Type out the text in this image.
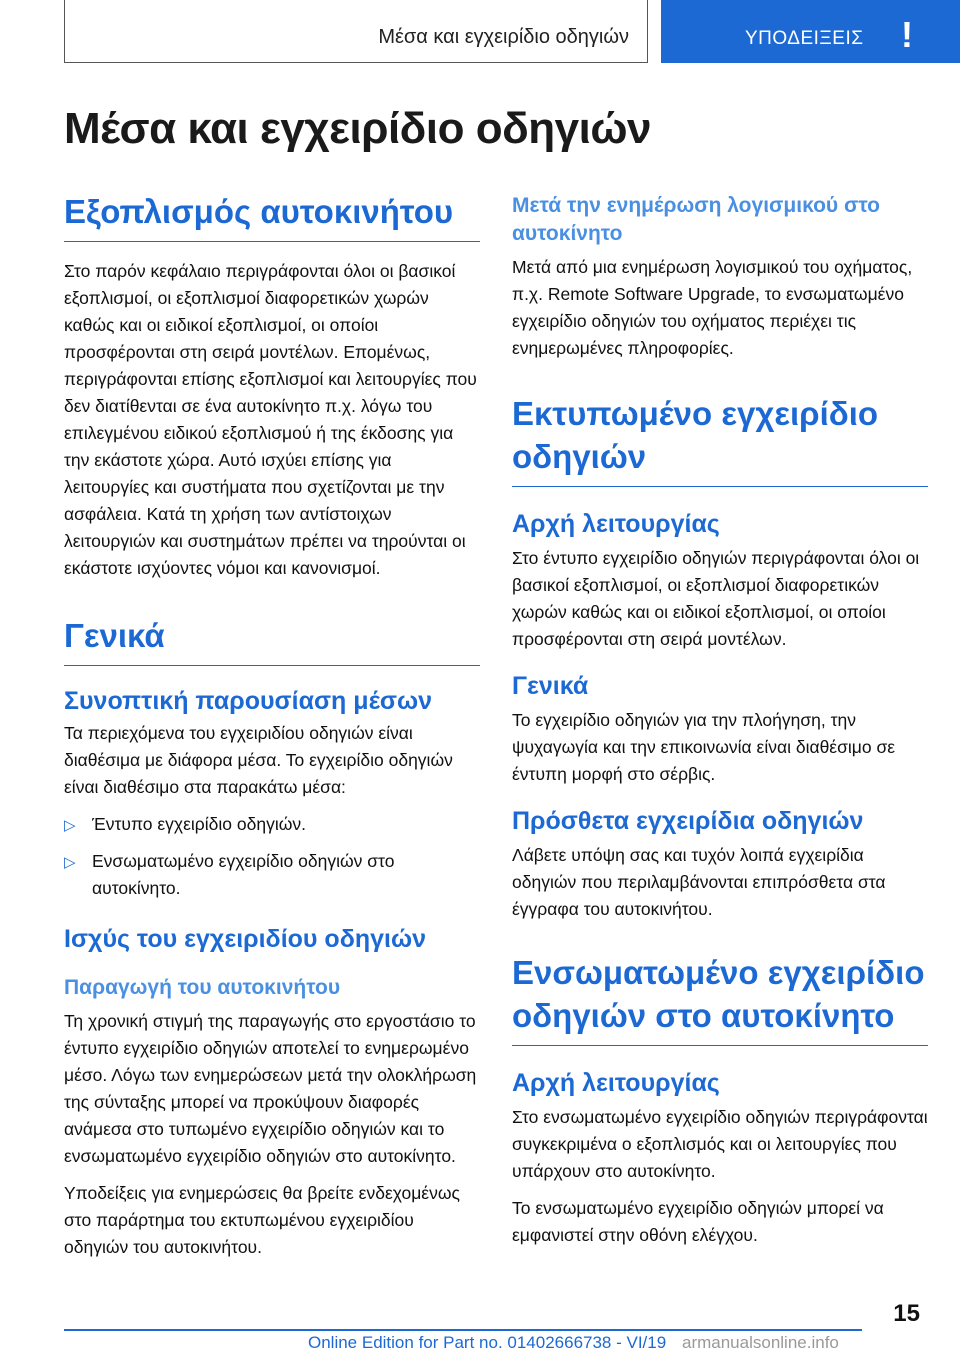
Μέσα και εγχειρίδιο οδηγιών	ΥΠΟΔΕΙΞΕΙΣ !
Μέσα και εγχειρίδιο οδηγιών
Εξοπλισμός αυτοκινήτου

Στο παρόν κεφάλαιο περιγράφονται όλοι οι βασικοί εξοπλισμοί, οι εξοπλισμοί διαφορετικών χωρών καθώς και οι ειδικοί εξοπλισμοί, οι οποίοι προσφέρονται στη σειρά μοντέλων. Επομένως, περιγράφονται επίσης εξοπλισμοί και λειτουργίες που δεν διατίθενται σε ένα αυτοκίνητο π.χ. λόγω του επιλεγμένου ειδικού εξοπλισμού ή της έκδοσης για την εκάστοτε χώρα. Αυτό ισχύει επίσης για λειτουργίες και συστήματα που σχετίζονται με την ασφάλεια. Κατά τη χρήση των αντίστοιχων λειτουργιών και συστημάτων πρέπει να τηρούνται οι εκάστοτε ισχύοντες νόμοι και κανονισμοί.

Γενικά
Συνοπτική παρουσίαση μέσων

Τα περιεχόμενα του εγχειριδίου οδηγιών είναι διαθέσιμα με διάφορα μέσα. Το εγχειρίδιο οδηγιών είναι διαθέσιμο στα παρακάτω μέσα:

▷ Έντυπο εγχειρίδιο οδηγιών.
▷ Ενσωματωμένο εγχειρίδιο οδηγιών στο αυτοκίνητο.
Ισχύς του εγχειριδίου οδηγιών
Παραγωγή του αυτοκινήτου

Τη χρονική στιγμή της παραγωγής στο εργοστάσιο το έντυπο εγχειρίδιο οδηγιών αποτελεί το ενημερωμένο μέσο. Λόγω των ενημερώσεων μετά την ολοκλήρωση της σύνταξης μπορεί να προκύψουν διαφορές ανάμεσα στο τυπωμένο εγχειρίδιο οδηγιών και το ενσωματωμένο εγχειρίδιο οδηγιών στο αυτοκίνητο.

Υποδείξεις για ενημερώσεις θα βρείτε ενδεχομένως στο παράρτημα του εκτυπωμένου εγχειριδίου οδηγιών του αυτοκινήτου.

Μετά την ενημέρωση λογισμικού στο αυτοκίνητο

Μετά από μια ενημέρωση λογισμικού του οχήματος, π.χ. Remote Software Upgrade, το ενσωματωμένο εγχειρίδιο οδηγιών του οχήματος περιέχει τις ενημερωμένες πληροφορίες.

Εκτυπωμένο εγχειρίδιο οδηγιών
Αρχή λειτουργίας

Στο έντυπο εγχειρίδιο οδηγιών περιγράφονται όλοι οι βασικοί εξοπλισμοί, οι εξοπλισμοί διαφορετικών χωρών καθώς και οι ειδικοί εξοπλισμοί, οι οποίοι προσφέρονται στη σειρά μοντέλων.

Γενικά

Το εγχειρίδιο οδηγιών για την πλοήγηση, την ψυχαγωγία και την επικοινωνία είναι διαθέσιμο σε έντυπη μορφή στο σέρβις.

Πρόσθετα εγχειρίδια οδηγιών

Λάβετε υπόψη σας και τυχόν λοιπά εγχειρίδια οδηγιών που περιλαμβάνονται επιπρόσθετα στα έγγραφα του αυτοκινήτου.

Ενσωματωμένο εγχειρίδιο οδηγιών στο αυτοκίνητο
Αρχή λειτουργίας

Στο ενσωματωμένο εγχειρίδιο οδηγιών περιγράφονται συγκεκριμένα ο εξοπλισμός και οι λειτουργίες που υπάρχουν στο αυτοκίνητο.

Το ενσωματωμένο εγχειρίδιο οδηγιών μπορεί να εμφανιστεί στην οθόνη ελέγχου.

15
Online Edition for Part no. 01402666738 - VI/19 armanualsonline.info
